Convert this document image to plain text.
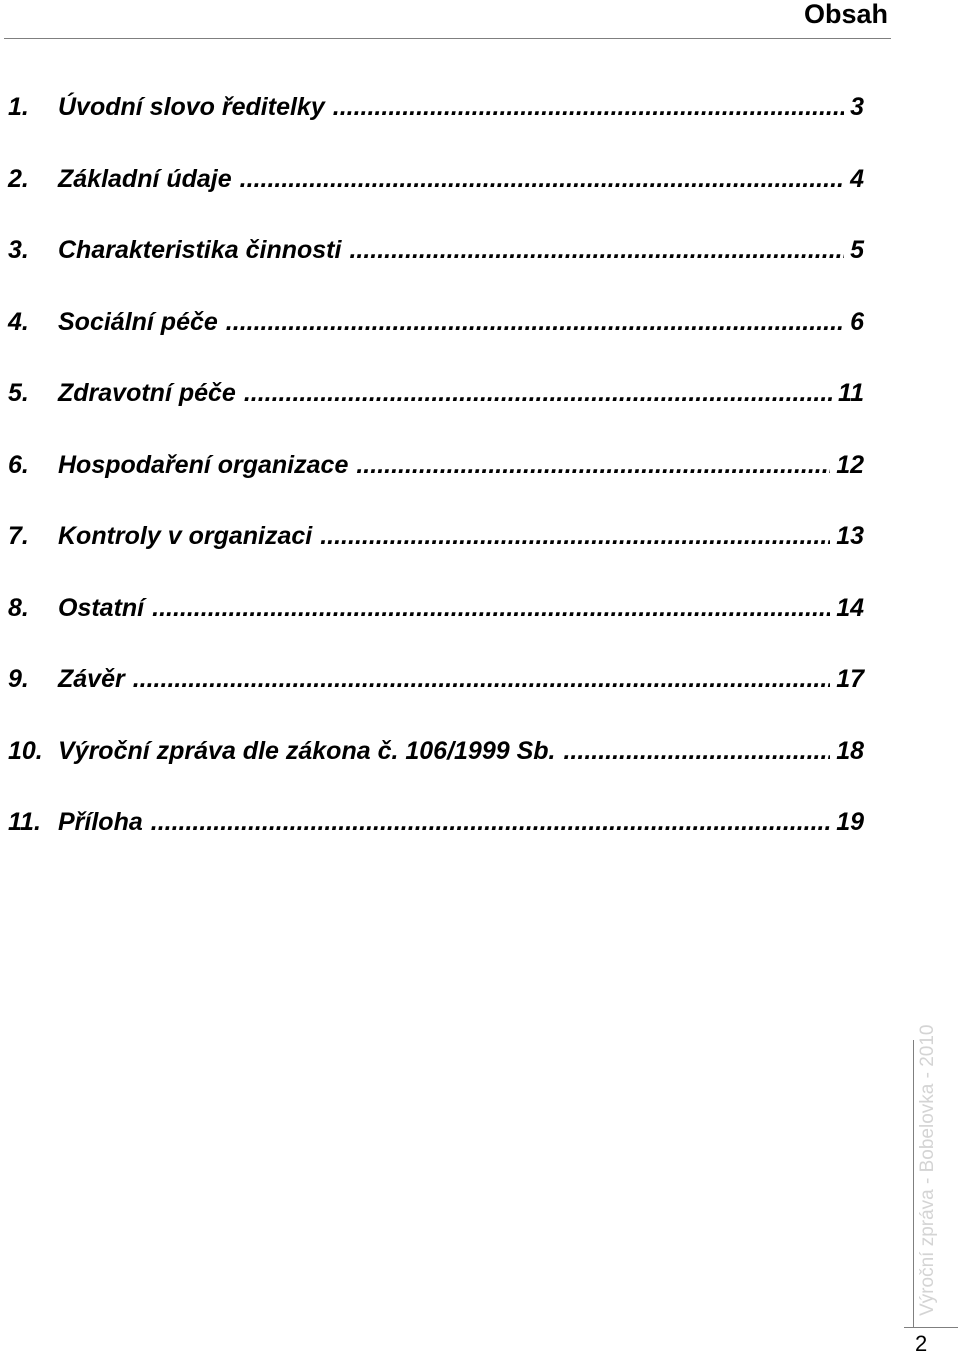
Obsah
1.	Úvodní slovo ředitelky .....	3
2.	Základní údaje .....	4
3.	Charakteristika činnosti .....	5
4.	Sociální péče .....	6
5.	Zdravotní péče .....	11
6.	Hospodaření organizace .....	12
7.	Kontroly v organizaci .....	13
8.	Ostatní .....	14
9.	Závěr .....	17
10. Výroční zpráva dle zákona č. 106/1999 Sb. .....	18
11. Příloha .....	19
Výroční zpráva - Bobelovka - 2010
2
